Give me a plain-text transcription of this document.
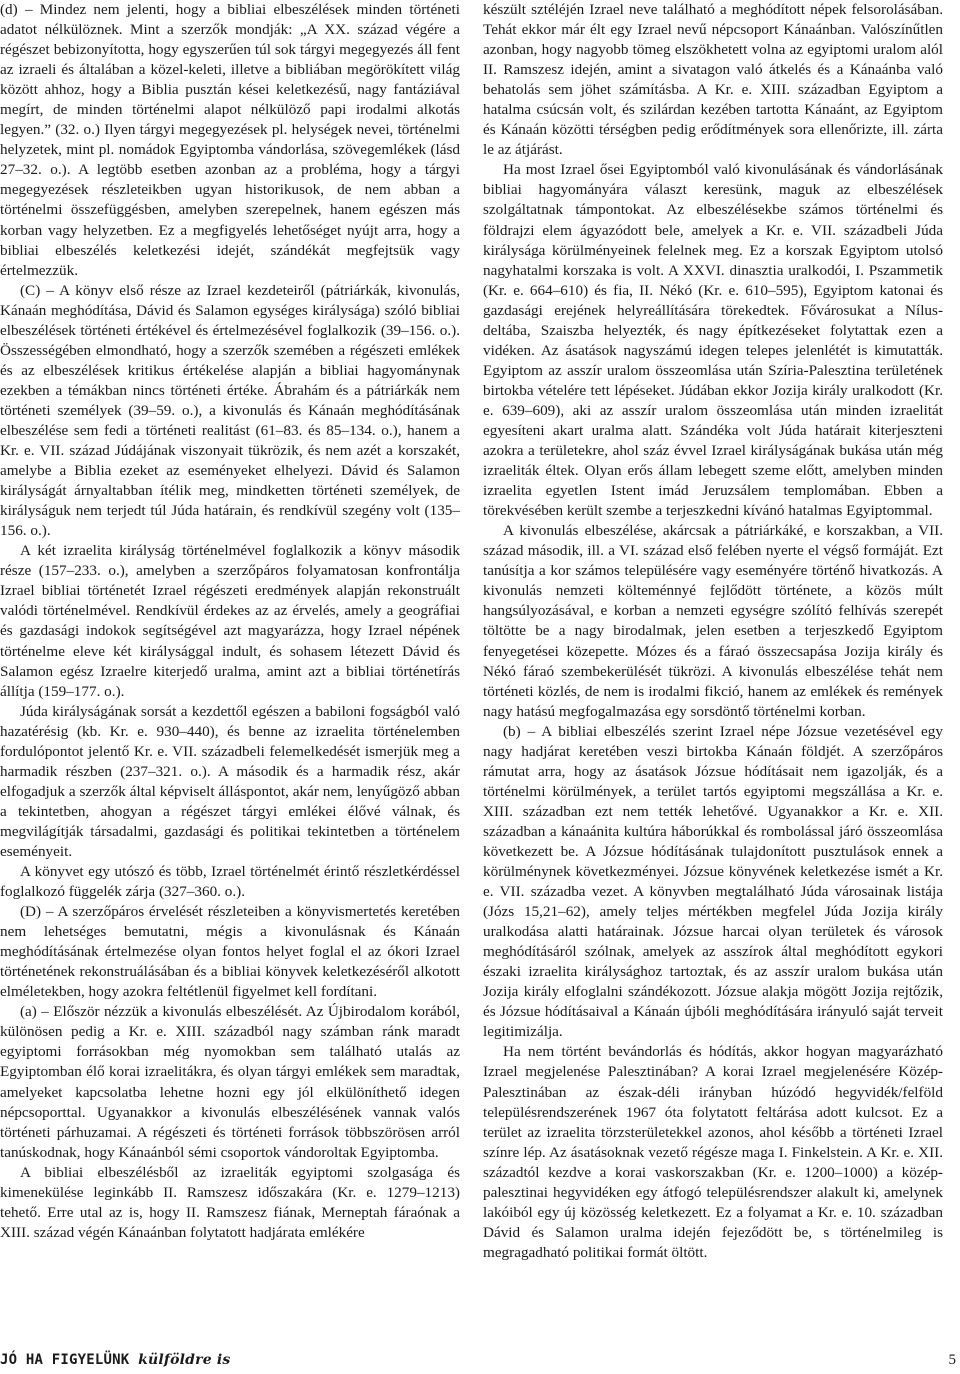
(d) – Mindez nem jelenti, hogy a bibliai elbeszélések minden történeti adatot nélkülöznek. Mint a szerzők mondják: „A XX. század végére a régészet bebizonyította, hogy egyszerűen túl sok tárgyi megegyezés áll fent az izraeli és általában a közel-keleti, illetve a bibliában megörökített világ között ahhoz, hogy a Biblia pusztán kései keletkezésű, nagy fantáziával megírt, de minden történelmi alapot nélkülöző papi irodalmi alkotás legyen.” (32. o.) Ilyen tárgyi megegyezések pl. helységek nevei, történelmi helyzetek, mint pl. nomádok Egyiptomba vándorlása, szövegemlékek (lásd 27–32. o.). A legtöbb esetben azonban az a probléma, hogy a tárgyi megegyezések részleteikben ugyan historikusok, de nem abban a történelmi összefüggésben, amelyben szerepelnek, hanem egészen más korban vagy helyzetben. Ez a megfigyelés lehetőséget nyújt arra, hogy a bibliai elbeszélés keletkezési idejét, szándékát megfejtsük vagy értelmezzük.

(C) – A könyv első része az Izrael kezdeteiről (pátriárkák, kivonulás, Kánaán meghódítása, Dávid és Salamon egységes királysága) szóló bibliai elbeszélések történeti értékével és értelmezésével foglalkozik (39–156. o.). Összességében elmondható, hogy a szerzők szemében a régészeti emlékek és az elbeszélések kritikus értékelése alapján a bibliai hagyománynak ezekben a témákban nincs történeti értéke. Ábrahám és a pátriárkák nem történeti személyek (39–59. o.), a kivonulás és Kánaán meghódításának elbeszélése sem fedi a történeti realitást (61–83. és 85–134. o.), hanem a Kr. e. VII. század Júdájának viszonyait tükrözik, és nem azét a korszakét, amelybe a Biblia ezeket az eseményeket elhelyezi. Dávid és Salamon királyságát árnyaltabban ítélik meg, mindketten történeti személyek, de királyságuk nem terjedt túl Júda határain, és rendkívül szegény volt (135–156. o.).

A két izraelita királyság történelmével foglalkozik a könyv második része (157–233. o.), amelyben a szerzőpáros folyamatosan konfrontálja Izrael bibliai történetét Izrael régészeti eredmények alapján rekonstruált valódi történelmével. Rendkívül érdekes az az érvelés, amely a geográfiai és gazdasági indokok segítségével azt magyarázza, hogy Izrael népének történelme eleve két királysággal indult, és sohasem létezett Dávid és Salamon egész Izraelre kiterjedő uralma, amint azt a bibliai történetírás állítja (159–177. o.).

Júda királyságának sorsát a kezdettől egészen a babiloni fogságból való hazatérésig (kb. Kr. e. 930–440), és benne az izraelita történelemben fordulópontot jelentő Kr. e. VII. századbeli felemelkedését ismerjük meg a harmadik részben (237–321. o.). A második és a harmadik rész, akár elfogadjuk a szerzők által képviselt álláspontot, akár nem, lenyűgöző abban a tekintetben, ahogyan a régészet tárgyi emlékei élővé válnak, és megvilágítják társadalmi, gazdasági és politikai tekintetben a történelem eseményeit.

A könyvet egy utószó és több, Izrael történelmét érintő részletkérdéssel foglalkozó függelék zárja (327–360. o.).

(D) – A szerzőpáros érvelését részleteiben a könyvismertetés keretében nem lehetséges bemutatni, mégis a kivonulásnak és Kánaán meghódításának értelmezése olyan fontos helyet foglal el az ókori Izrael történetének rekonstruálásában és a bibliai könyvek keletkezéséről alkotott elméletekben, hogy azokra feltétlenül figyelmet kell fordítani.

(a) – Először nézzük a kivonulás elbeszélését. Az Újbirodalom korából, különösen pedig a Kr. e. XIII. századból nagy számban ránk maradt egyiptomi forrásokban még nyomokban sem található utalás az Egyiptomban élő korai izraelitákra, és olyan tárgyi emlékek sem maradtak, amelyeket kapcsolatba lehetne hozni egy jól elkülöníthető idegen népcsoporttal. Ugyanakkor a kivonulás elbeszélésének vannak valós történeti párhuzamai. A régészeti és történeti források többszörösen arról tanúskodnak, hogy Kánaánból sémi csoportok vándoroltak Egyiptomba.

A bibliai elbeszélésből az izraeliták egyiptomi szolgasága és kimenekülése leginkább II. Ramszesz időszakára (Kr. e. 1279–1213) tehető. Erre utal az is, hogy II. Ramszesz fiának, Merneptah fáraónak a XIII. század végén Kánaánban folytatott hadjárata emlékére

készült sztéléjén Izrael neve található a meghódított népek felsorolásában. Tehát ekkor már élt egy Izrael nevű népcsoport Kánaánban. Valószínűtlen azonban, hogy nagyobb tömeg elszökhetett volna az egyiptomi uralom alól II. Ramszesz idején, amint a sivatagon való átkelés és a Kánaánba való behatolás sem jöhet számításba. A Kr. e. XIII. században Egyiptom a hatalma csúcsán volt, és szilárdan kezében tartotta Kánaánt, az Egyiptom és Kánaán közötti térségben pedig erődítmények sora ellenőrizte, ill. zárta le az átjárást.

Ha most Izrael ősei Egyiptomból való kivonulásának és vándorlásának bibliai hagyományára választ keresünk, maguk az elbeszélések szolgáltatnak támpontokat. Az elbeszélésekbe számos történelmi és földrajzi elem ágyazódott bele, amelyek a Kr. e. VII. századbeli Júda királysága körülményeinek felelnek meg. Ez a korszak Egyiptom utolsó nagyhatalmi korszaka is volt. A XXVI. dinasztia uralkodói, I. Pszammetik (Kr. e. 664–610) és fia, II. Nékó (Kr. e. 610–595), Egyiptom katonai és gazdasági erejének helyreállítására törekedtek. Fővárosukat a Nílus-deltába, Szaiszba helyezték, és nagy építkezéseket folytattak ezen a vidéken. Az ásatások nagyszámú idegen telepes jelenlétét is kimutatták. Egyiptom az asszír uralom összeomlása után Szíria-Palesztina területének birtokba vételére tett lépéseket. Júdában ekkor Jozija király uralkodott (Kr. e. 639–609), aki az asszír uralom összeomlása után minden izraelitát egyesíteni akart uralma alatt. Szándéka volt Júda határait kiterjeszteni azokra a területekre, ahol száz évvel Izrael királyságának bukása után még izraeliták éltek. Olyan erős állam lebegett szeme előtt, amelyben minden izraelita egyetlen Istent imád Jeruzsálem templomában. Ebben a törekvésében került szembe a terjeszkedni kívánó hatalmas Egyiptommal.

A kivonulás elbeszélése, akárcsak a pátriárkáké, e korszakban, a VII. század második, ill. a VI. század első felében nyerte el végső formáját. Ezt tanúsítja a kor számos településére vagy eseményére történő hivatkozás. A kivonulás nemzeti költeménnyé fejlődött története, a közös múlt hangsúlyozásával, e korban a nemzeti egységre szólító felhívás szerepét töltötte be a nagy birodalmak, jelen esetben a terjeszkedő Egyiptom fenyegetései közepette. Mózes és a fáraó összecsapása Jozija király és Nékó fáraó szembekerülését tükrözi. A kivonulás elbeszélése tehát nem történeti közlés, de nem is irodalmi fikció, hanem az emlékek és remények nagy hatású megfogalmazása egy sorsdöntő történelmi korban.

(b) – A bibliai elbeszélés szerint Izrael népe Józsue vezetésével egy nagy hadjárat keretében veszi birtokba Kánaán földjét. A szerzőpáros rámutat arra, hogy az ásatások Józsue hódításait nem igazolják, és a történelmi körülmények, a terület tartós egyiptomi megszállása a Kr. e. XIII. században ezt nem tették lehetővé. Ugyanakkor a Kr. e. XII. században a kánaánita kultúra háborúkkal és rombolással járó összeomlása következett be. A Józsue hódításának tulajdonított pusztulások ennek a körülménynek következményei. Józsue könyvének keletkezése ismét a Kr. e. VII. századba vezet. A könyvben megtalálható Júda városainak listája (Józs 15,21–62), amely teljes mértékben megfelel Júda Jozija király uralkodása alatti határainak. Józsue harcai olyan területek és városok meghódításáról szólnak, amelyek az asszírok által meghódított egykori északi izraelita királysághoz tartoztak, és az asszír uralom bukása után Jozija király elfoglalni szándékozott. Józsue alakja mögött Jozija rejtőzik, és Józsue hódításaival a Kánaán újbóli meghódítására irányuló saját terveit legitimizálja.

Ha nem történt bevándorlás és hódítás, akkor hogyan magyarázható Izrael megjelenése Palesztinában? A korai Izrael megjelenésére Közép-Palesztinában az észak-déli irányban húzódó hegyvidék/felföld településrendszerének 1967 óta folytatott feltárása adott kulcsot. Ez a terület az izraelita törzsterületekkel azonos, ahol később a történeti Izrael színre lép. Az ásatásoknak vezető régésze maga I. Finkelstein. A Kr. e. XII. századtól kezdve a korai vaskorszakban (Kr. e. 1200–1000) a közép-palesztinai hegyvidéken egy átfogó településrendszer alakult ki, amelynek lakóiból egy új közösség keletkezett. Ez a folyamat a Kr. e. 10. században Dávid és Salamon uralma idején fejeződött be, s történelmileg is megragadható politikai formát öltött.

JÓ HA FIGYELÜNK külföldre is	5
